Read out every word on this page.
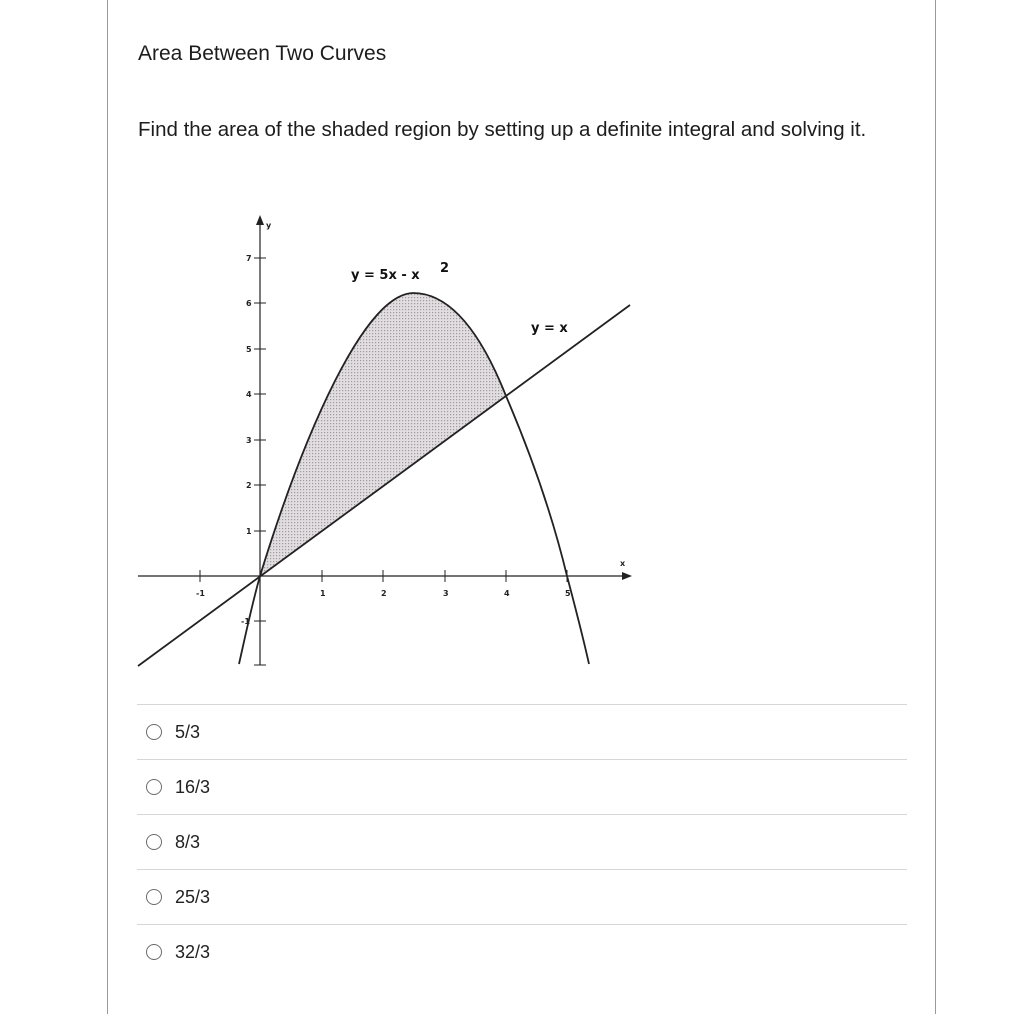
Area Between Two Curves
Find the area of the shaded region by setting up a definite integral and solving it.
-1	1	2	3	4	5
7
6
5
4
3
2
1
-1
x
y
y = 5x - x 2
y = x
5/3
16/3
8/3
25/3
32/3
